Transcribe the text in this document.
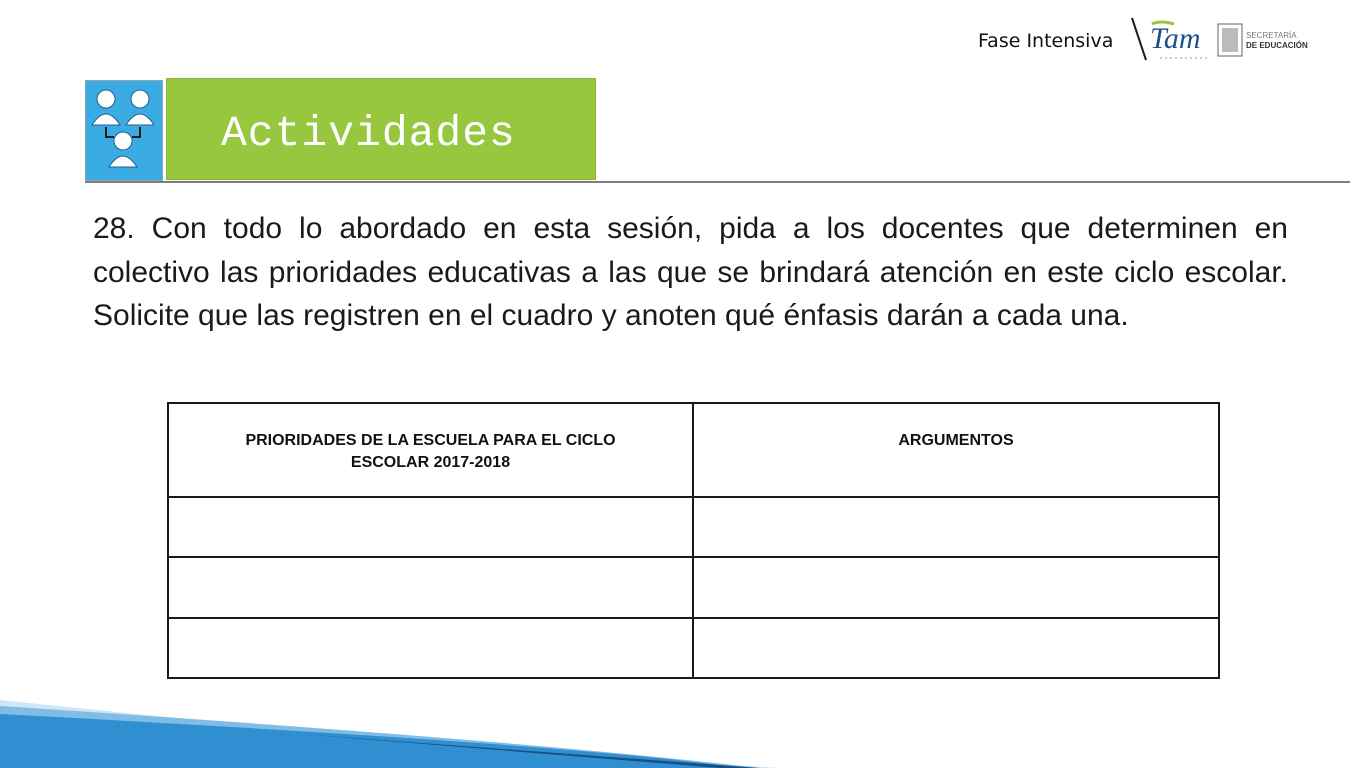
Fase Intensiva Tam	SECRETARÍA
DE EDUCACIÓN
Actividades
28. Con todo lo abordado en esta sesión, pida a los docentes que determinen en colectivo las prioridades educativas a las que se brindará atención en este ciclo escolar. Solicite que las registren en el cuadro y anoten qué énfasis darán a cada una.
PRIORIDADES DE LA ESCUELA PARA EL CICLO ESCOLAR 2017-2018	ARGUMENTOS
